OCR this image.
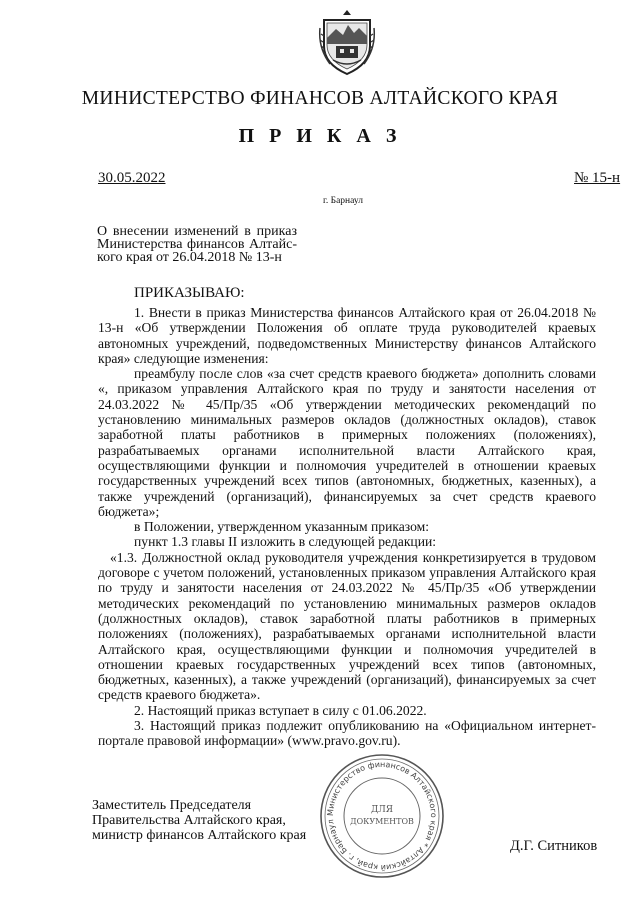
МИНИСТЕРСТВО ФИНАНСОВ АЛТАЙСКОГО КРАЯ
П Р И К А З
30.05.2022	№ 15-н
г. Барнаул
О внесении изменений в приказ
Министерства финансов Алтайс-
кого края от 26.04.2018 № 13-н
ПРИКАЗЫВАЮ:

1. Внести в приказ Министерства финансов Алтайского края от 26.04.2018 № 13-н «Об утверждении Положения об оплате труда руководителей краевых автономных учреждений, подведомственных Министерству финансов Алтайского края» следующие изменения:

преамбулу после слов «за счет средств краевого бюджета» дополнить словами «, приказом управления Алтайского края по труду и занятости населения от 24.03.2022 № 45/Пр/35 «Об утверждении методических рекомендаций по установлению минимальных размеров окладов (должностных окладов), ставок заработной платы работников в примерных положениях (положениях), разрабатываемых органами исполнительной власти Алтайского края, осуществляющими функции и полномочия учредителей в отношении краевых государственных учреждений всех типов (автономных, бюджетных, казенных), а также учреждений (организаций), финансируемых за счет средств краевого бюджета»;

в Положении, утвержденном указанным приказом:

пункт 1.3 главы II изложить в следующей редакции:

«1.3. Должностной оклад руководителя учреждения конкретизируется в трудовом договоре с учетом положений, установленных приказом управления Алтайского края по труду и занятости населения от 24.03.2022 № 45/Пр/35 «Об утверждении методических рекомендаций по установлению минимальных размеров окладов (должностных окладов), ставок заработной платы работников в примерных положениях (положениях), разрабатываемых органами исполнительной власти Алтайского края, осуществляющими функции и полномочия учредителей в отношении краевых государственных учреждений всех типов (автономных, бюджетных, казенных), а также учреждений (организаций), финансируемых за счет средств краевого бюджета».

2. Настоящий приказ вступает в силу с 01.06.2022.

3. Настоящий приказ подлежит опубликованию на «Официальном интернет-портале правовой информации» (www.pravo.gov.ru).

Заместитель Председателя
Правительства Алтайского края,
министр финансов Алтайского края
Д.Г. Ситников
Министерство финансов Алтайского края * Алтайский край, г. Барнаул
ДЛЯ
ДОКУМЕНТОВ
